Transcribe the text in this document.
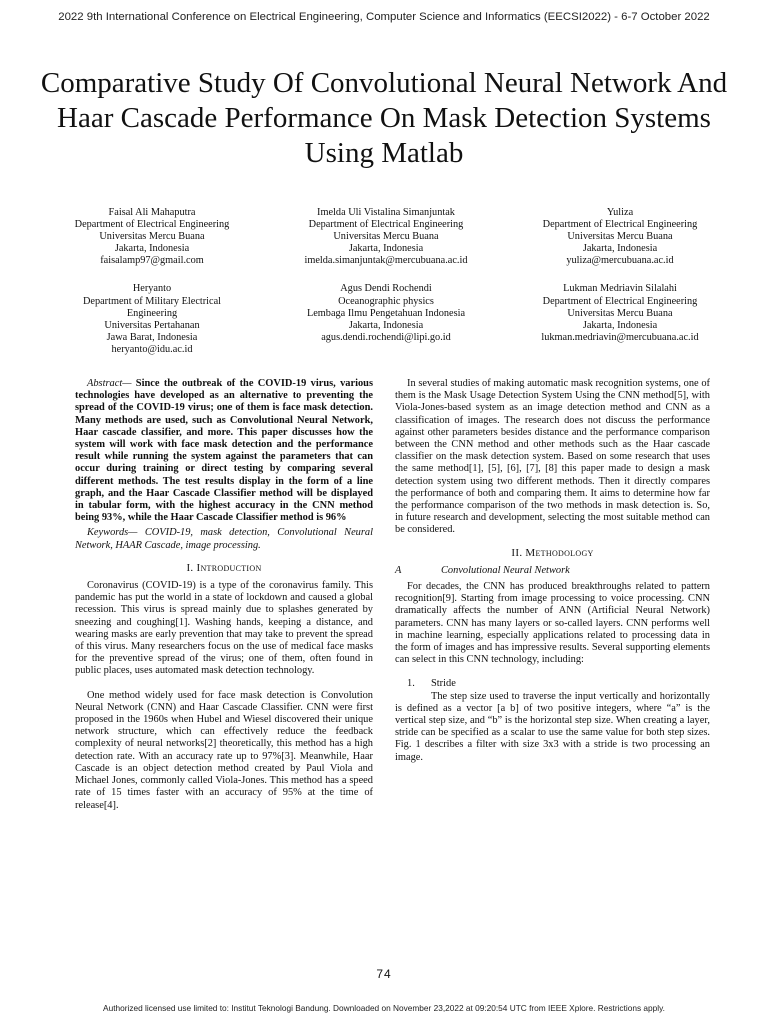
2022 9th International Conference on Electrical Engineering, Computer Science and Informatics (EECSI2022) - 6-7 October 2022
Comparative Study Of Convolutional Neural Network And Haar Cascade Performance On Mask Detection Systems Using Matlab
Faisal Ali Mahaputra
Department of Electrical Engineering
Universitas Mercu Buana
Jakarta, Indonesia
faisalamp97@gmail.com
Imelda Uli Vistalina Simanjuntak
Department of Electrical Engineering
Universitas Mercu Buana
Jakarta, Indonesia
imelda.simanjuntak@mercubuana.ac.id
Yuliza
Department of Electrical Engineering
Universitas Mercu Buana
Jakarta, Indonesia
yuliza@mercubuana.ac.id
Heryanto
Department of Military Electrical
Engineering
Universitas Pertahanan
Jawa Barat, Indonesia
heryanto@idu.ac.id
Agus Dendi Rochendi
Oceanographic physics
Lembaga Ilmu Pengetahuan Indonesia
Jakarta, Indonesia
agus.dendi.rochendi@lipi.go.id
Lukman Medriavin Silalahi
Department of Electrical Engineering
Universitas Mercu Buana
Jakarta, Indonesia
lukman.medriavin@mercubuana.ac.id

Abstract— Since the outbreak of the COVID-19 virus, various technologies have developed as an alternative to preventing the spread of the COVID-19 virus; one of them is face mask detection. Many methods are used, such as Convolutional Neural Network, Haar cascade classifier, and more. This paper discusses how the system will work with face mask detection and the performance result while running the system against the parameters that can occur during training or direct testing by comparing several different methods. The test results display in the form of a line graph, and the Haar Cascade Classifier method will be displayed in tabular form, with the highest accuracy in the CNN method being 93%, while the Haar Cascade Classifier method is 96%

Keywords— COVID-19, mask detection, Convolutional Neural Network, HAAR Cascade, image processing.

I. Introduction

Coronavirus (COVID-19) is a type of the coronavirus family. This pandemic has put the world in a state of lockdown and caused a global recession. This virus is spread mainly due to splashes generated by sneezing and coughing[1]. Washing hands, keeping a distance, and wearing masks are early prevention that may take to prevent the spread of this virus. Many researchers focus on the use of medical face masks for the preventive spread of the virus; one of them, often found in public places, uses automated mask detection technology.

One method widely used for face mask detection is Convolution Neural Network (CNN) and Haar Cascade Classifier. CNN were first proposed in the 1960s when Hubel and Wiesel discovered their unique network structure, which can effectively reduce the feedback complexity of neural networks[2] theoretically, this method has a high detection rate. With an accuracy rate up to 97%[3]. Meanwhile, Haar Cascade is an object detection method created by Paul Viola and Michael Jones, commonly called Viola-Jones. This method has a speed rate of 15 times faster with an accuracy of 95% at the time of release[4].

In several studies of making automatic mask recognition systems, one of them is the Mask Usage Detection System Using the CNN method[5], with Viola-Jones-based system as an image detection method and CNN as a classification of images. The research does not discuss the performance against other parameters besides distance and the performance comparison between the CNN method and other methods such as the Haar cascade classifier on the mask detection system. Based on some research that uses the same method[1], [5], [6], [7], [8] this paper made to design a mask detection system using two different methods. Then it directly compares the performance of both and comparing them. It aims to determine how far the performance comparison of the two methods in mask detection is. So, in future research and development, selecting the most suitable method can be considered.

II. Methodology
A	Convolutional Neural Network

For decades, the CNN has produced breakthroughs related to pattern recognition[9]. Starting from image processing to voice processing. CNN dramatically affects the number of ANN (Artificial Neural Network) parameters. CNN has many layers or so-called layers. CNN performs well in machine learning, especially applications related to processing data in the form of images and has impressive results. Several supporting elements can select in this CNN technology, including:

1. Stride

The step size used to traverse the input vertically and horizontally is defined as a vector [a b] of two positive integers, where “a” is the vertical step size, and “b” is the horizontal step size. When creating a layer, stride can be specified as a scalar to use the same value for both step sizes. Fig. 1 describes a filter with size 3x3 with a stride is two processing an image.

74
Authorized licensed use limited to: Institut Teknologi Bandung. Downloaded on November 23,2022 at 09:20:54 UTC from IEEE Xplore. Restrictions apply.
